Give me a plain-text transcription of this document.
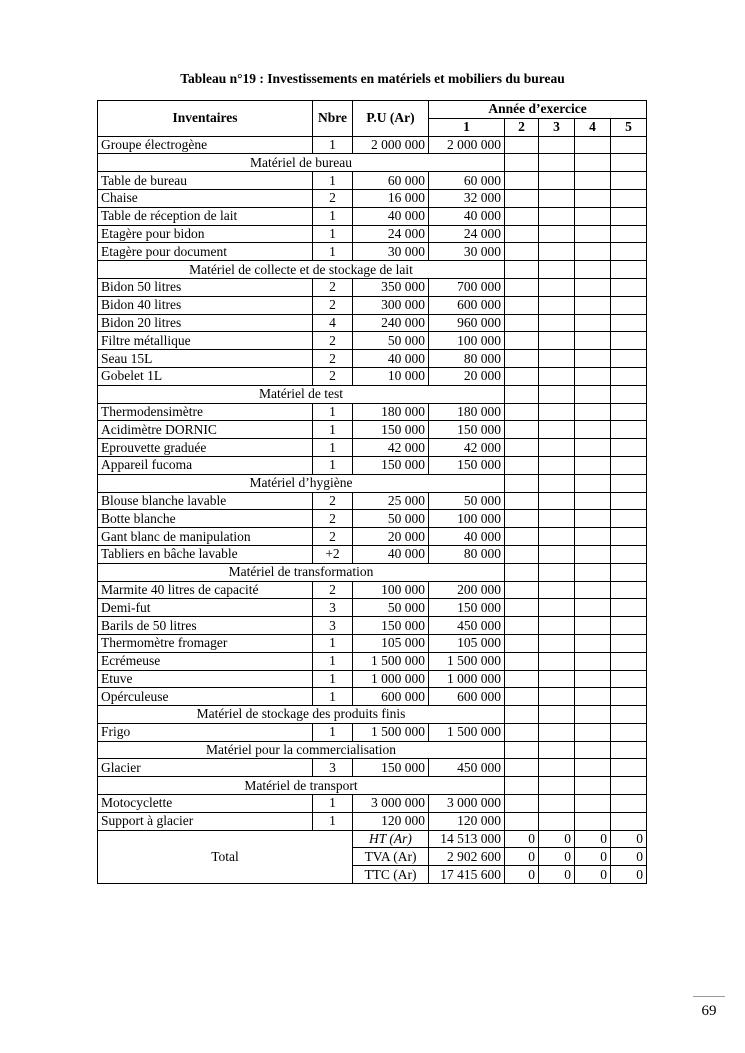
Tableau n°19 : Investissements en matériels et mobiliers du bureau
Inventaires	Nbre	P.U (Ar)	Année d’exercice				
			1	2	3	4	5
Groupe électrogène	1	2 000 000	2 000 000				
Matériel de bureau							
Table de bureau	1	60 000	60 000				
Chaise	2	16 000	32 000				
Table de réception de lait	1	40 000	40 000				
Etagère pour bidon	1	24 000	24 000				
Etagère pour document	1	30 000	30 000				
Matériel de collecte et de stockage de lait							
Bidon 50 litres	2	350 000	700 000				
Bidon 40 litres	2	300 000	600 000				
Bidon 20 litres	4	240 000	960 000				
Filtre métallique	2	50 000	100 000				
Seau 15L	2	40 000	80 000				
Gobelet 1L	2	10 000	20 000				
Matériel de test							
Thermodensimètre	1	180 000	180 000				
Acidimètre DORNIC	1	150 000	150 000				
Eprouvette graduée	1	42 000	42 000				
Appareil fucoma	1	150 000	150 000				
Matériel d’hygiène							
Blouse blanche lavable	2	25 000	50 000				
Botte blanche	2	50 000	100 000				
Gant blanc de manipulation	2	20 000	40 000				
Tabliers en bâche lavable	+2	40 000	80 000				
Matériel de transformation							
Marmite 40 litres de capacité	2	100 000	200 000				
Demi-fut	3	50 000	150 000				
Barils de 50 litres	3	150 000	450 000				
Thermomètre fromager	1	105 000	105 000				
Ecrémeuse	1	1 500 000	1 500 000				
Etuve	1	1 000 000	1 000 000				
Opérculeuse	1	600 000	600 000				
Matériel de stockage des produits finis							
Frigo	1	1 500 000	1 500 000				
Matériel pour la commercialisation							
Glacier	3	150 000	450 000				
Matériel de transport							
Motocyclette	1	3 000 000	3 000 000				
Support à glacier	1	120 000	120 000				
Total		HT (Ar)	14 513 000	0	0	0	0
		TVA (Ar)	2 902 600	0	0	0	0
		TTC (Ar)	17 415 600	0	0	0	0
69
